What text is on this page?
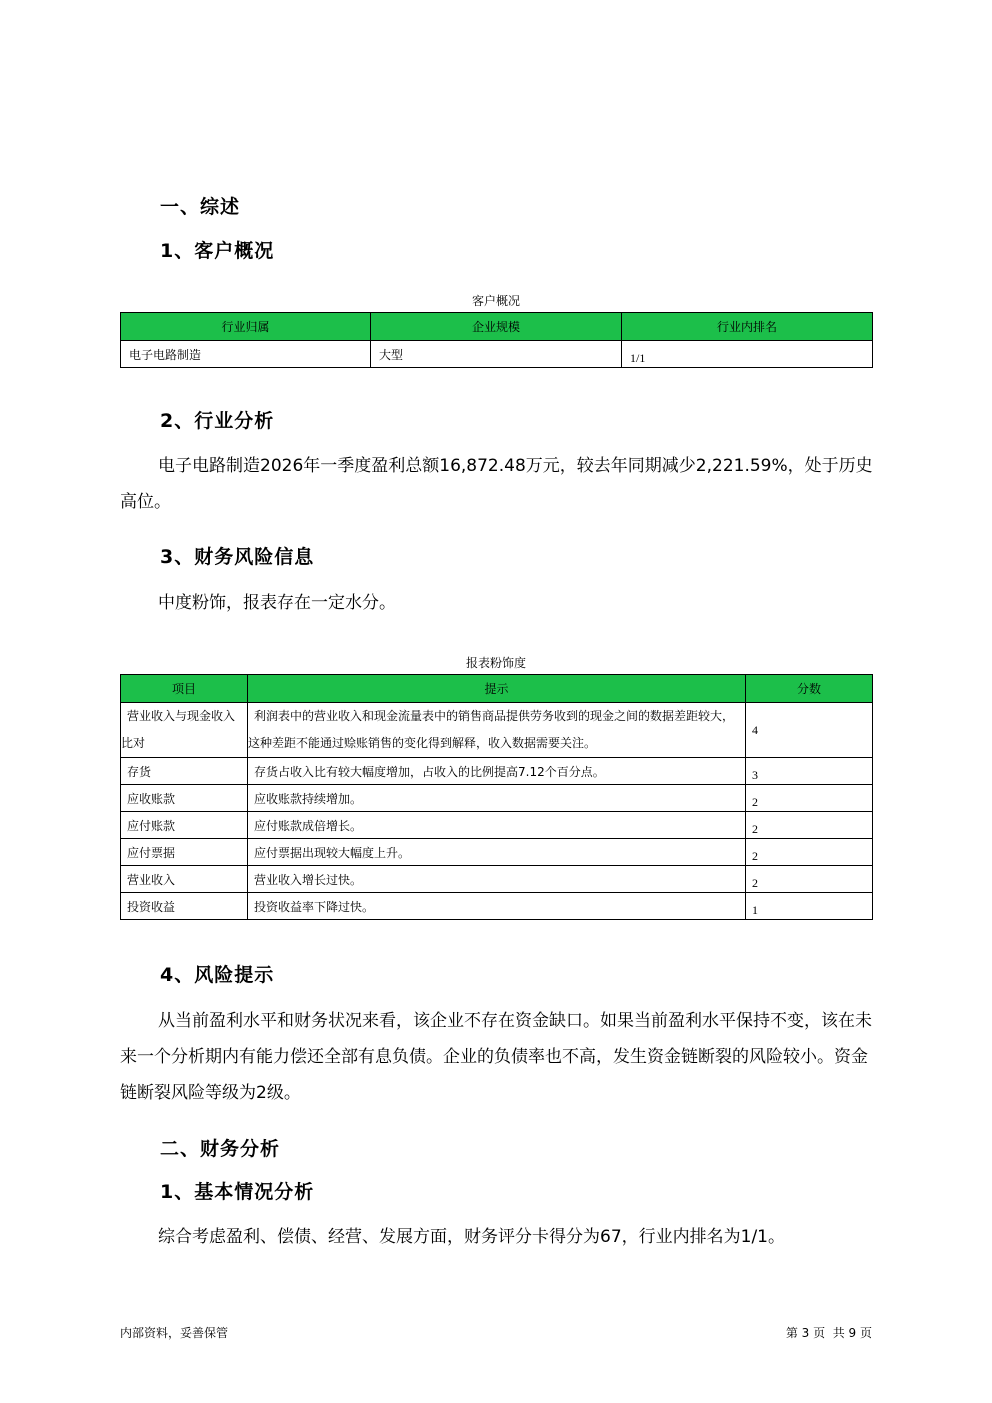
一、综述
1、客户概况

客户概况

行业归属	企业规模	行业内排名
电子电路制造	大型	1/1
2、行业分析

电子电路制造2026年一季度盈利总额16,872.48万元，较去年同期减少2,221.59%，处于历史高位。

3、财务风险信息

中度粉饰，报表存在一定水分。

报表粉饰度

项目	提示	分数
营业收入与现金收入比对	利润表中的营业收入和现金流量表中的销售商品提供劳务收到的现金之间的数据差距较大，这种差距不能通过赊账销售的变化得到解释，收入数据需要关注。	4
存货	存货占收入比有较大幅度增加，占收入的比例提高7.12个百分点。	3
应收账款	应收账款持续增加。	2
应付账款	应付账款成倍增长。	2
应付票据	应付票据出现较大幅度上升。	2
营业收入	营业收入增长过快。	2
投资收益	投资收益率下降过快。	1
4、风险提示

从当前盈利水平和财务状况来看，该企业不存在资金缺口。如果当前盈利水平保持不变，该在未来一个分析期内有能力偿还全部有息负债。企业的负债率也不高，发生资金链断裂的风险较小。资金链断裂风险等级为2级。

二、财务分析
1、基本情况分析

综合考虑盈利、偿债、经营、发展方面，财务评分卡得分为67，行业内排名为1/1。

内部资料，妥善保管	第 3 页  共 9 页
